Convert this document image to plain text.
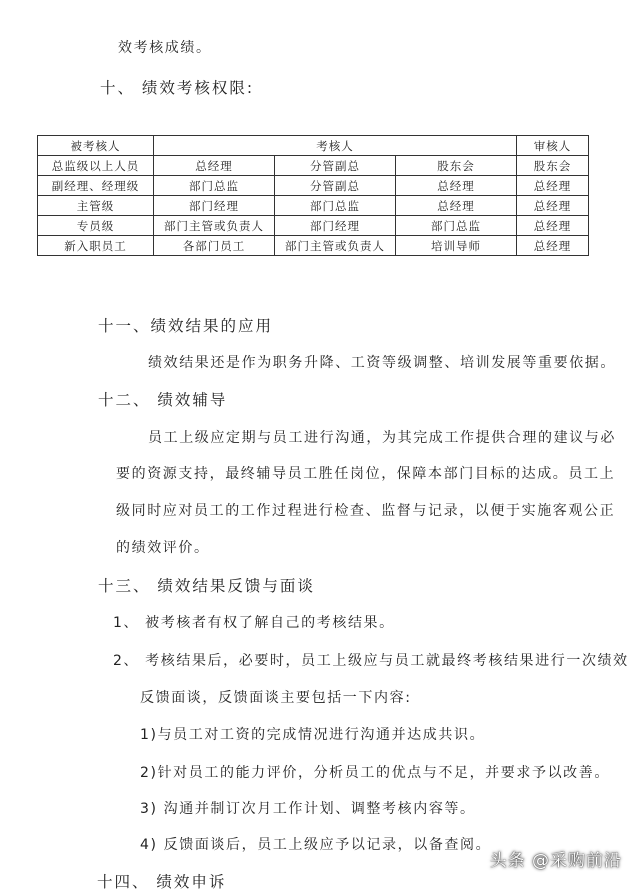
效考核成绩。
十、 绩效考核权限:
被考核人	考核人			审核人
总监级以上人员	总经理	分管副总	股东会	股东会
副经理、经理级	部门总监	分管副总	总经理	总经理
主管级	部门经理	部门总监	总经理	总经理
专员级	部门主管或负责人	部门经理	部门总监	总经理
新入职员工	各部门员工	部门主管或负责人	培训导师	总经理
十一、绩效结果的应用
绩效结果还是作为职务升降、工资等级调整、培训发展等重要依据。
十二、 绩效辅导
员工上级应定期与员工进行沟通，为其完成工作提供合理的建议与必
要的资源支持，最终辅导员工胜任岗位，保障本部门目标的达成。员工上
级同时应对员工的工作过程进行检查、监督与记录，以便于实施客观公正
的绩效评价。
十三、 绩效结果反馈与面谈
1、 被考核者有权了解自己的考核结果。
2、 考核结果后，必要时，员工上级应与员工就最终考核结果进行一次绩效
反馈面谈，反馈面谈主要包括一下内容:
1)与员工对工资的完成情况进行沟通并达成共识。
2)针对员工的能力评价，分析员工的优点与不足，并要求予以改善。
3) 沟通并制订次月工作计划、调整考核内容等。
4) 反馈面谈后，员工上级应予以记录，以备查阅。
十四、 绩效申诉
头条 @采购前沿
